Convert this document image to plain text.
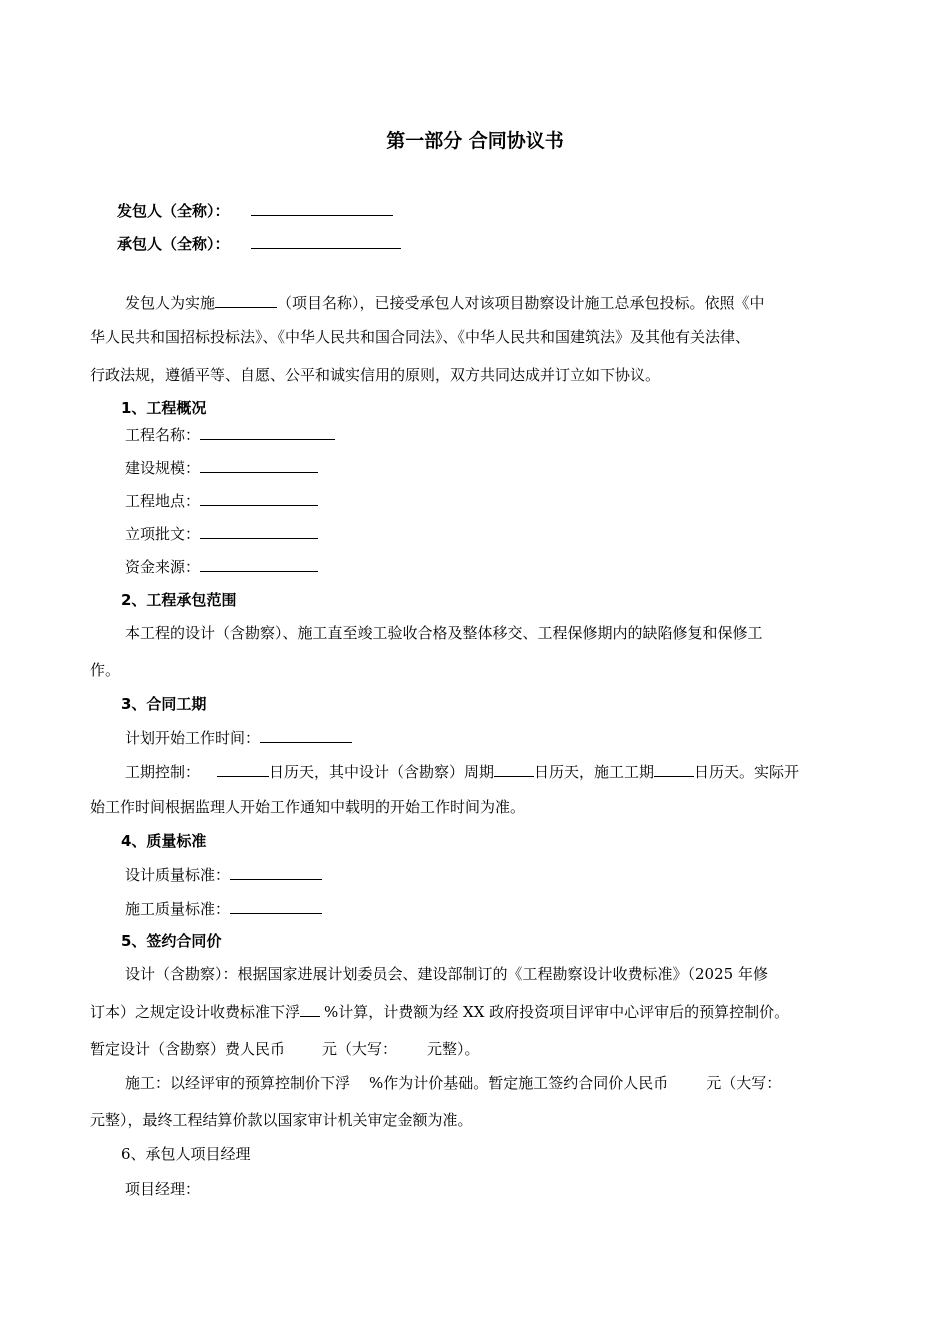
第一部分 合同协议书
发包人（全称）：
承包人（全称）：
发包人为实施	（项目名称），已接受承包人对该项目勘察设计施工总承包投标。依照《中
华人民共和国招标投标法》、《中华人民共和国合同法》、《中华人民共和国建筑法》及其他有关法律、
行政法规，遵循平等、自愿、公平和诚实信用的原则，双方共同达成并订立如下协议。
1、工程概况
工程名称：
建设规模：
工程地点：
立项批文：
资金来源：
2、工程承包范围
本工程的设计（含勘察）、施工直至竣工验收合格及整体移交、工程保修期内的缺陷修复和保修工
作。
3、合同工期
计划开始工作时间：
工期控制：	日历天，其中设计（含勘察）周期	日历天，施工工期	日历天。实际开
始工作时间根据监理人开始工作通知中载明的开始工作时间为准。
4、质量标准
设计质量标准：
施工质量标准：
5、签约合同价
设计（含勘察）：根据国家进展计划委员会、建设部制订的《工程勘察设计收费标准》（2025 年修
订本）之规定设计收费标准下浮 %计算，计费额为经 XX 政府投资项目评审中心评审后的预算控制价。
暂定设计（含勘察）费人民币 元（大写： 元整）。
施工：以经评审的预算控制价下浮 %作为计价基础。暂定施工签约合同价人民币	元（大写：
元整），最终工程结算价款以国家审计机关审定金额为准。
6、承包人项目经理
项目经理：
